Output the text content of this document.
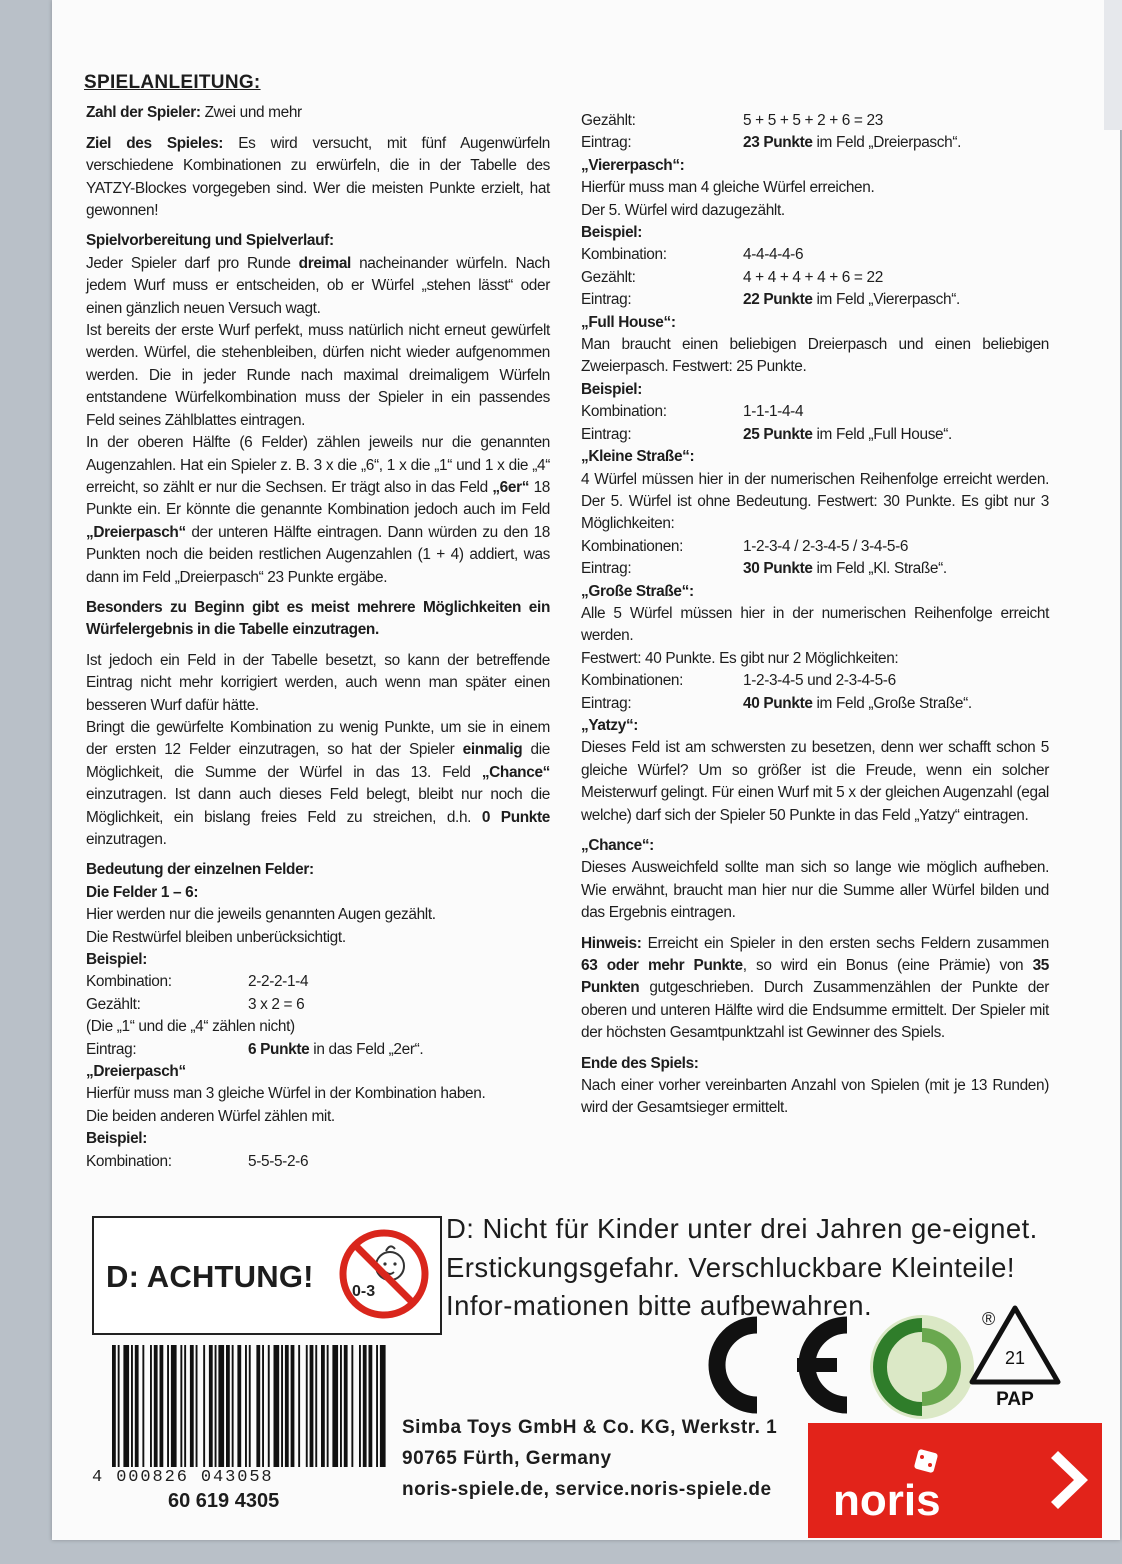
SPIELANLEITUNG:

Zahl der Spieler: Zwei und mehr

Ziel des Spieles: Es wird versucht, mit fünf Augenwürfeln verschiedene Kombinationen zu erwürfeln, die in der Tabelle des YATZY-Blockes vorgegeben sind. Wer die meisten Punkte erzielt, hat gewonnen!

Spielvorbereitung und Spielverlauf:

Jeder Spieler darf pro Runde dreimal nacheinander würfeln. Nach jedem Wurf muss er entscheiden, ob er Würfel „stehen lässt“ oder einen gänzlich neuen Versuch wagt.

Ist bereits der erste Wurf perfekt, muss natürlich nicht erneut gewürfelt werden. Würfel, die stehenbleiben, dürfen nicht wieder aufgenommen werden. Die in jeder Runde nach maximal dreimaligem Würfeln entstandene Würfelkombination muss der Spieler in ein passendes Feld seines Zählblattes eintragen.

In der oberen Hälfte (6 Felder) zählen jeweils nur die genannten Augenzahlen. Hat ein Spieler z. B. 3 x die „6“, 1 x die „1“ und 1 x die „4“ erreicht, so zählt er nur die Sechsen. Er trägt also in das Feld „6er“ 18 Punkte ein. Er könnte die genannte Kombination jedoch auch im Feld „Dreierpasch“ der unteren Hälfte eintragen. Dann würden zu den 18 Punkten noch die beiden restlichen Augenzahlen (1 + 4) addiert, was dann im Feld „Dreierpasch“ 23 Punkte ergäbe.

Besonders zu Beginn gibt es meist mehrere Möglichkeiten ein Würfelergebnis in die Tabelle einzutragen.

Ist jedoch ein Feld in der Tabelle besetzt, so kann der betreffende Eintrag nicht mehr korrigiert werden, auch wenn man später einen besseren Wurf dafür hätte.

Bringt die gewürfelte Kombination zu wenig Punkte, um sie in einem der ersten 12 Felder einzutragen, so hat der Spieler einmalig die Möglichkeit, die Summe der Würfel in das 13. Feld „Chance“ einzutragen. Ist dann auch dieses Feld belegt, bleibt nur noch die Möglichkeit, ein bislang freies Feld zu streichen, d.h. 0 Punkte einzutragen.

Bedeutung der einzelnen Felder:

Die Felder 1 – 6:

Hier werden nur die jeweils genannten Augen gezählt.

Die Restwürfel bleiben unberücksichtigt.

Beispiel:

Kombination:	2-2-2-1-4
Gezählt:	3 x 2 = 6

(Die „1“ und die „4“ zählen nicht)

Eintrag:	6 Punkte in das Feld „2er“.

„Dreierpasch“

Hierfür muss man 3 gleiche Würfel in der Kombination haben.

Die beiden anderen Würfel zählen mit.

Beispiel:

Kombination:	5-5-5-2-6
Gezählt:	5 + 5 + 5 + 2 + 6 = 23
Eintrag:	23 Punkte im Feld „Dreierpasch“.

„Viererpasch“:

Hierfür muss man 4 gleiche Würfel erreichen.

Der 5. Würfel wird dazugezählt.

Beispiel:

Kombination:	4-4-4-4-6
Gezählt:	4 + 4 + 4 + 4 + 6 = 22
Eintrag:	22 Punkte im Feld „Viererpasch“.

„Full House“:

Man braucht einen beliebigen Dreierpasch und einen beliebigen Zweierpasch. Festwert: 25 Punkte.

Beispiel:

Kombination:	1-1-1-4-4
Eintrag:	25 Punkte im Feld „Full House“.

„Kleine Straße“:

4 Würfel müssen hier in der numerischen Reihenfolge erreicht werden. Der 5. Würfel ist ohne Bedeutung. Festwert: 30 Punkte. Es gibt nur 3 Möglichkeiten:

Kombinationen:	1-2-3-4 / 2-3-4-5 / 3-4-5-6
Eintrag:	30 Punkte im Feld „Kl. Straße“.

„Große Straße“:

Alle 5 Würfel müssen hier in der numerischen Reihenfolge erreicht werden.

Festwert: 40 Punkte. Es gibt nur 2 Möglichkeiten:

Kombinationen:	1-2-3-4-5 und 2-3-4-5-6
Eintrag:	40 Punkte im Feld „Große Straße“.

„Yatzy“:

Dieses Feld ist am schwersten zu besetzen, denn wer schafft schon 5 gleiche Würfel? Um so größer ist die Freude, wenn ein solcher Meisterwurf gelingt. Für einen Wurf mit 5 x der gleichen Augenzahl (egal welche) darf sich der Spieler 50 Punkte in das Feld „Yatzy“ eintragen.

„Chance“:

Dieses Ausweichfeld sollte man sich so lange wie möglich aufheben. Wie erwähnt, braucht man hier nur die Summe aller Würfel bilden und das Ergebnis eintragen.

Hinweis: Erreicht ein Spieler in den ersten sechs Feldern zusammen 63 oder mehr Punkte, so wird ein Bonus (eine Prämie) von 35 Punkten gutgeschrieben. Durch Zusammenzählen der Punkte der oberen und unteren Hälfte wird die Endsumme ermittelt. Der Spieler mit der höchsten Gesamtpunktzahl ist Gewinner des Spiels.

Ende des Spiels:

Nach einer vorher vereinbarten Anzahl von Spielen (mit je 13 Runden) wird der Gesamtsieger ermittelt.

D: ACHTUNG! 0-3
D: Nicht für Kinder unter drei Jahren ge-eignet. Erstickungsgefahr. Verschluckbare Kleinteile! Infor-mationen bitte aufbewahren.
4 000826 043058
60 619 4305
®
21
PAP
Simba Toys GmbH & Co. KG, Werkstr. 1
90765 Fürth, Germany
noris-spiele.de, service.noris-spiele.de noris
